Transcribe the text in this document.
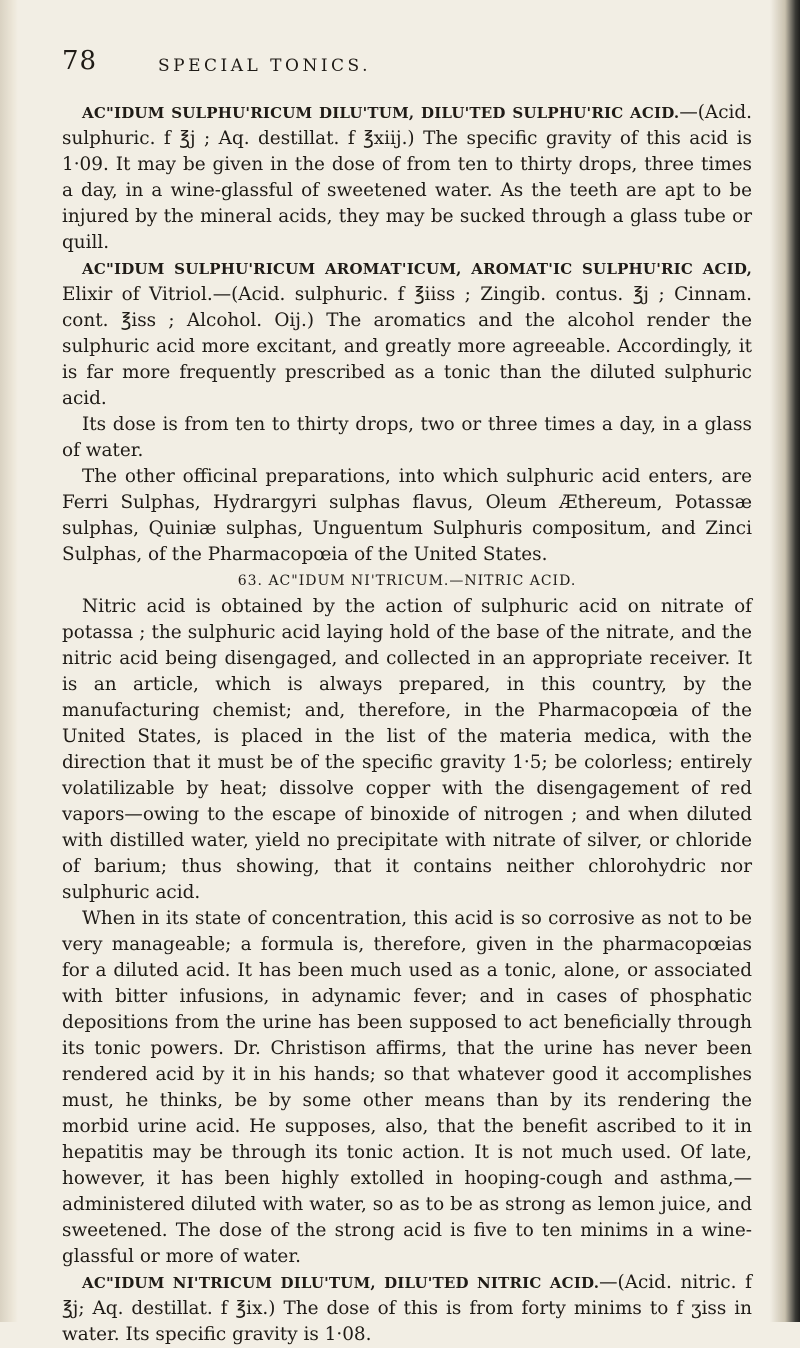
78	SPECIAL TONICS.

AC"IDUM SULPHU'RICUM DILU'TUM, DILU'TED SULPHU'RIC ACID.—(Acid. sulphuric. f ℥j ; Aq. destillat. f ℥xiij.) The specific gravity of this acid is 1·09. It may be given in the dose of from ten to thirty drops, three times a day, in a wine-glassful of sweetened water. As the teeth are apt to be injured by the mineral acids, they may be sucked through a glass tube or quill.

AC"IDUM SULPHU'RICUM AROMAT'ICUM, AROMAT'IC SULPHU'RIC ACID, Elixir of Vitriol.—(Acid. sulphuric. f ℥iiss ; Zingib. contus. ℥j ; Cinnam. cont. ℥iss ; Alcohol. Oij.) The aromatics and the alcohol render the sulphuric acid more excitant, and greatly more agreeable. Accordingly, it is far more frequently prescribed as a tonic than the diluted sulphuric acid.

Its dose is from ten to thirty drops, two or three times a day, in a glass of water.

The other officinal preparations, into which sulphuric acid enters, are Ferri Sulphas, Hydrargyri sulphas flavus, Oleum Æthereum, Potassæ sulphas, Quiniæ sulphas, Unguentum Sulphuris compositum, and Zinci Sulphas, of the Pharmacopœia of the United States.

63. AC"IDUM NI'TRICUM.—NITRIC ACID.

Nitric acid is obtained by the action of sulphuric acid on nitrate of potassa ; the sulphuric acid laying hold of the base of the nitrate, and the nitric acid being disengaged, and collected in an appropriate receiver. It is an article, which is always prepared, in this country, by the manufacturing chemist; and, therefore, in the Pharmacopœia of the United States, is placed in the list of the materia medica, with the direction that it must be of the specific gravity 1·5; be colorless; entirely volatilizable by heat; dissolve copper with the disengagement of red vapors—owing to the escape of binoxide of nitrogen ; and when diluted with distilled water, yield no precipitate with nitrate of silver, or chloride of barium; thus showing, that it contains neither chlorohydric nor sulphuric acid.

When in its state of concentration, this acid is so corrosive as not to be very manageable; a formula is, therefore, given in the pharmacopœias for a diluted acid. It has been much used as a tonic, alone, or associated with bitter infusions, in adynamic fever; and in cases of phosphatic depositions from the urine has been supposed to act beneficially through its tonic powers. Dr. Christison affirms, that the urine has never been rendered acid by it in his hands; so that whatever good it accomplishes must, he thinks, be by some other means than by its rendering the morbid urine acid. He supposes, also, that the benefit ascribed to it in hepatitis may be through its tonic action. It is not much used. Of late, however, it has been highly extolled in hooping-cough and asthma,—administered diluted with water, so as to be as strong as lemon juice, and sweetened. The dose of the strong acid is five to ten minims in a wine-glassful or more of water.

AC"IDUM NI'TRICUM DILU'TUM, DILU'TED NITRIC ACID.—(Acid. nitric. f ℥j; Aq. destillat. f ℥ix.) The dose of this is from forty minims to f ʒiss in water. Its specific gravity is 1·08.
